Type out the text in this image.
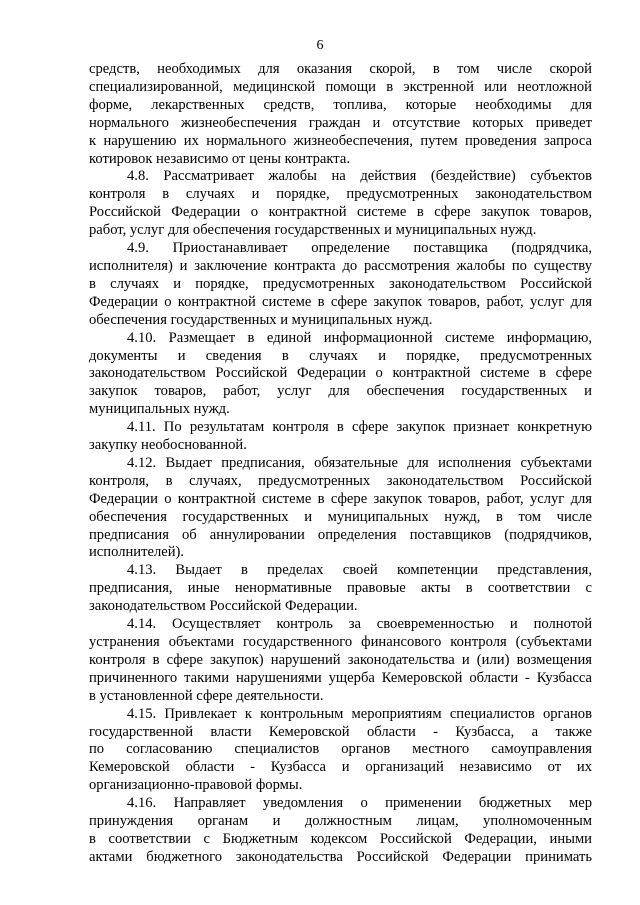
6

средств, необходимых для оказания скорой, в том числе скорой

специализированной, медицинской помощи в экстренной или неотложной

форме, лекарственных средств, топлива, которые необходимы для

нормального жизнеобеспечения граждан и отсутствие которых приведет

к нарушению их нормального жизнеобеспечения, путем проведения запроса

котировок независимо от цены контракта.

4.8. Рассматривает жалобы на действия (бездействие) субъектов

контроля в случаях и порядке, предусмотренных законодательством

Российской Федерации о контрактной системе в сфере закупок товаров,

работ, услуг для обеспечения государственных и муниципальных нужд.

4.9. Приостанавливает определение поставщика (подрядчика,

исполнителя) и заключение контракта до рассмотрения жалобы по существу

в случаях и порядке, предусмотренных законодательством Российской

Федерации о контрактной системе в сфере закупок товаров, работ, услуг для

обеспечения государственных и муниципальных нужд.

4.10. Размещает в единой информационной системе информацию,

документы и сведения в случаях и порядке, предусмотренных

законодательством Российской Федерации о контрактной системе в сфере

закупок товаров, работ, услуг для обеспечения государственных и

муниципальных нужд.

4.11. По результатам контроля в сфере закупок признает конкретную

закупку необоснованной.

4.12. Выдает предписания, обязательные для исполнения субъектами

контроля, в случаях, предусмотренных законодательством Российской

Федерации о контрактной системе в сфере закупок товаров, работ, услуг для

обеспечения государственных и муниципальных нужд, в том числе

предписания об аннулировании определения поставщиков (подрядчиков,

исполнителей).

4.13. Выдает в пределах своей компетенции представления,

предписания, иные ненормативные правовые акты в соответствии с

законодательством Российской Федерации.

4.14. Осуществляет контроль за своевременностью и полнотой

устранения объектами государственного финансового контроля (субъектами

контроля в сфере закупок) нарушений законодательства и (или) возмещения

причиненного такими нарушениями ущерба Кемеровской области - Кузбасса

в установленной сфере деятельности.

4.15. Привлекает к контрольным мероприятиям специалистов органов

государственной власти Кемеровской области - Кузбасса, а также

по согласованию специалистов органов местного самоуправления

Кемеровской области - Кузбасса и организаций независимо от их

организационно-правовой формы.

4.16. Направляет уведомления о применении бюджетных мер

принуждения органам и должностным лицам, уполномоченным

в соответствии с Бюджетным кодексом Российской Федерации, иными

актами бюджетного законодательства Российской Федерации принимать
